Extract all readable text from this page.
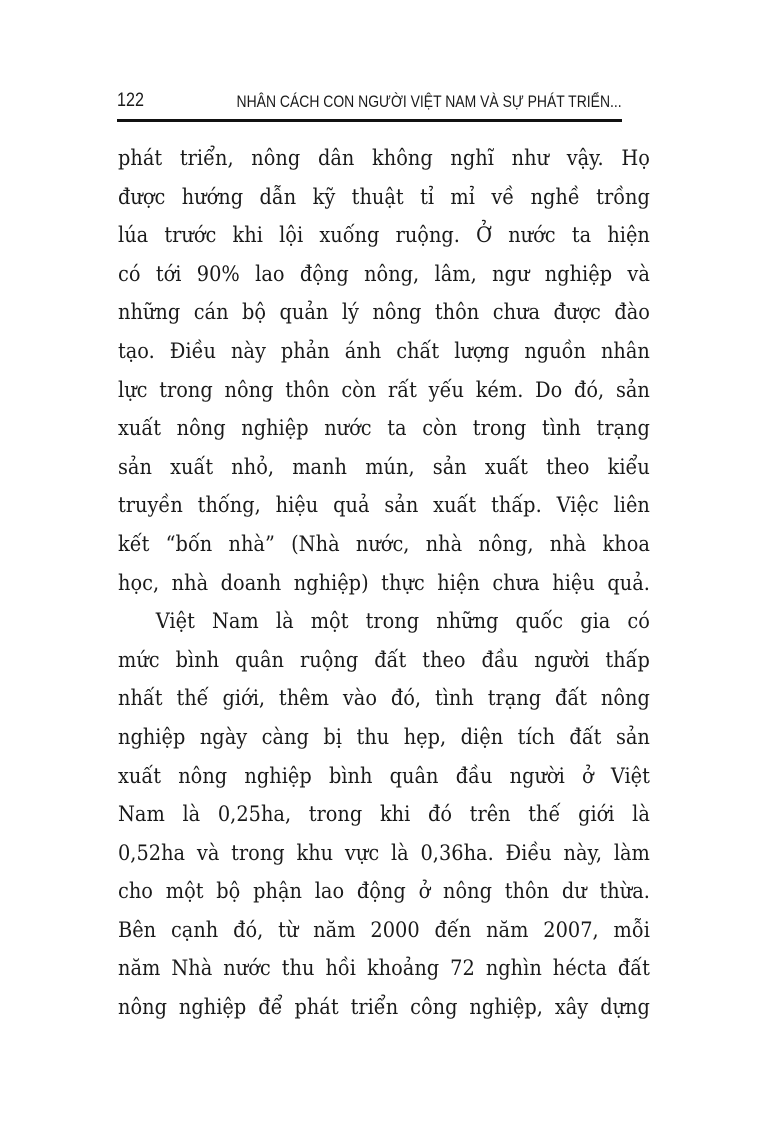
122	NHÂN CÁCH CON NGƯỜI VIỆT NAM VÀ SỰ PHÁT TRIỂN...
phát triển, nông dân không nghĩ như vậy. Họ
được hướng dẫn kỹ thuật tỉ mỉ về nghề trồng
lúa trước khi lội xuống ruộng. Ở nước ta hiện
có tới 90% lao động nông, lâm, ngư nghiệp và
những cán bộ quản lý nông thôn chưa được đào
tạo. Điều này phản ánh chất lượng nguồn nhân
lực trong nông thôn còn rất yếu kém. Do đó, sản
xuất nông nghiệp nước ta còn trong tình trạng
sản xuất nhỏ, manh mún, sản xuất theo kiểu
truyền thống, hiệu quả sản xuất thấp. Việc liên
kết “bốn nhà” (Nhà nước, nhà nông, nhà khoa
học, nhà doanh nghiệp) thực hiện chưa hiệu quả.
Việt Nam là một trong những quốc gia có
mức bình quân ruộng đất theo đầu người thấp
nhất thế giới, thêm vào đó, tình trạng đất nông
nghiệp ngày càng bị thu hẹp, diện tích đất sản
xuất nông nghiệp bình quân đầu người ở Việt
Nam là 0,25ha, trong khi đó trên thế giới là
0,52ha và trong khu vực là 0,36ha. Điều này, làm
cho một bộ phận lao động ở nông thôn dư thừa.
Bên cạnh đó, từ năm 2000 đến năm 2007, mỗi
năm Nhà nước thu hồi khoảng 72 nghìn hécta đất
nông nghiệp để phát triển công nghiệp, xây dựng
